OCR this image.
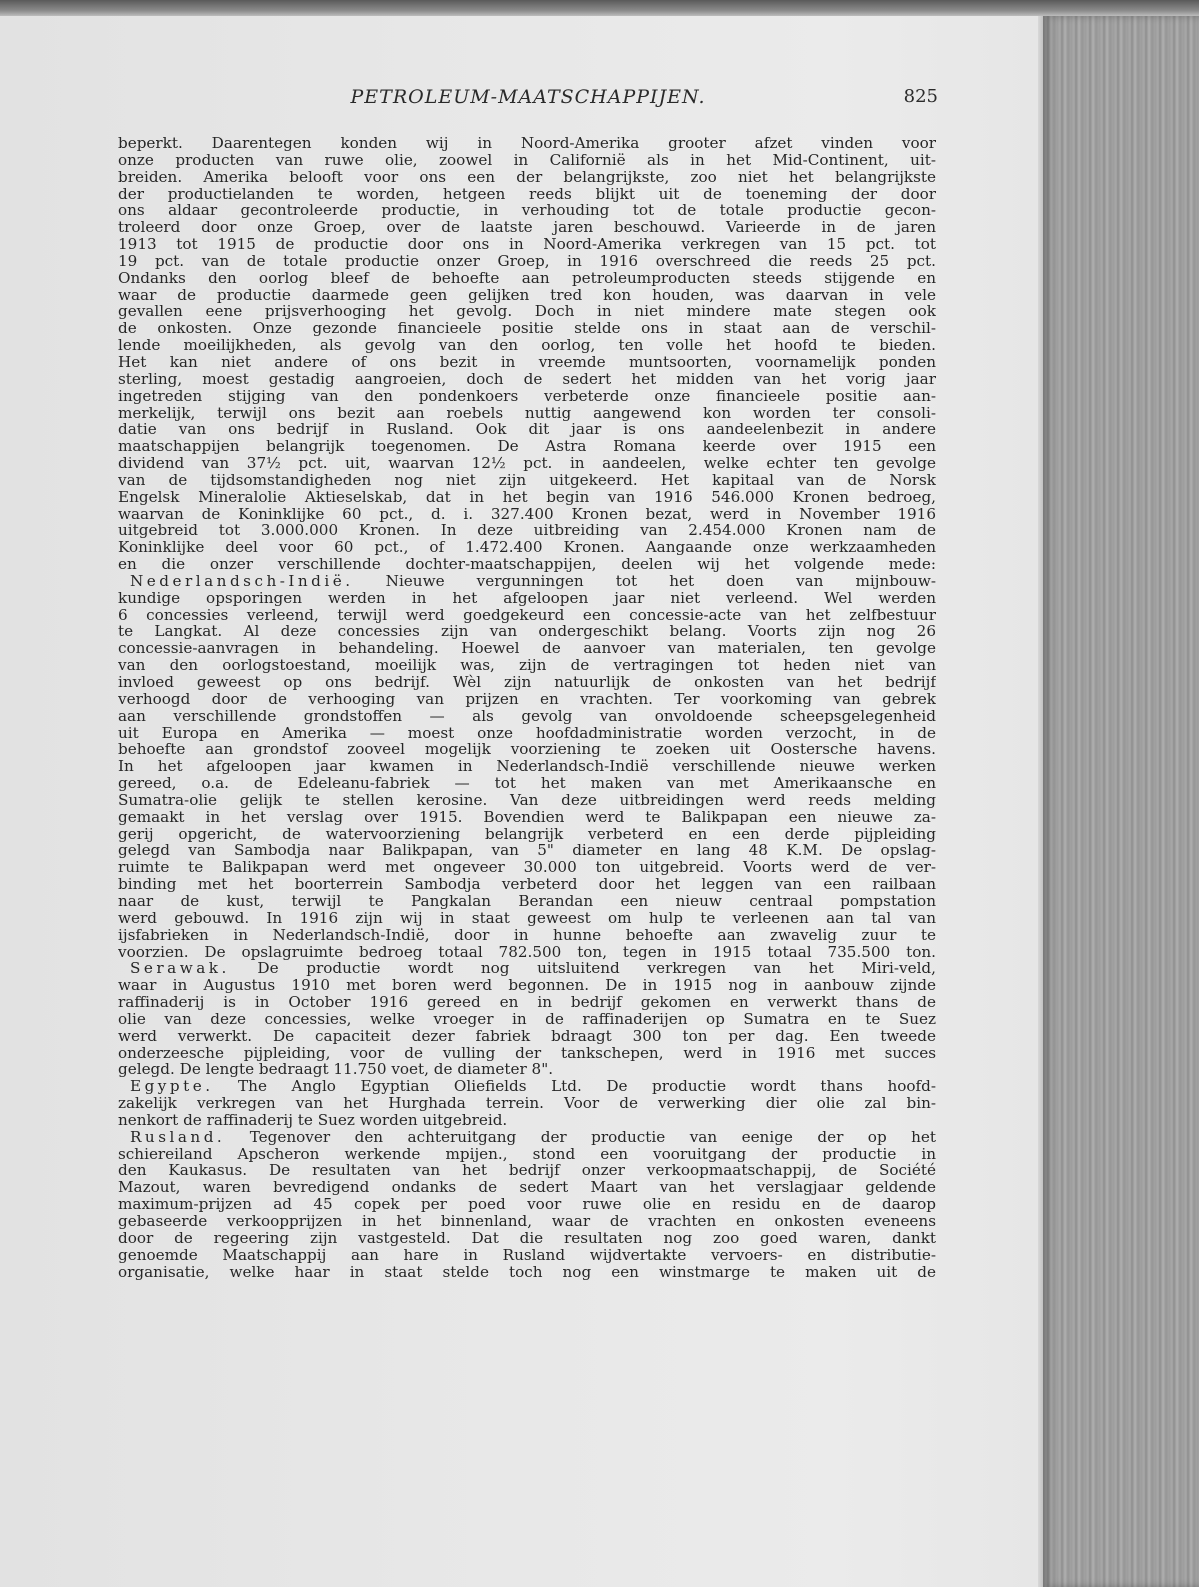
PETROLEUM-MAATSCHAPPIJEN.	825
beperkt. Daarentegen konden wij in Noord-Amerika grooter afzet vinden voor
onze producten van ruwe olie, zoowel in Californië als in het Mid-Continent, uit-
breiden. Amerika belooft voor ons een der belangrijkste, zoo niet het belangrijkste
der productielanden te worden, hetgeen reeds blijkt uit de toeneming der door
ons aldaar gecontroleerde productie, in verhouding tot de totale productie gecon-
troleerd door onze Groep, over de laatste jaren beschouwd. Varieerde in de jaren
1913 tot 1915 de productie door ons in Noord-Amerika verkregen van 15 pct. tot
19 pct. van de totale productie onzer Groep, in 1916 overschreed die reeds 25 pct.
Ondanks den oorlog bleef de behoefte aan petroleumproducten steeds stijgende en
waar de productie daarmede geen gelijken tred kon houden, was daarvan in vele
gevallen eene prijsverhooging het gevolg. Doch in niet mindere mate stegen ook
de onkosten. Onze gezonde financieele positie stelde ons in staat aan de verschil-
lende moeilijkheden, als gevolg van den oorlog, ten volle het hoofd te bieden.
Het kan niet andere of ons bezit in vreemde muntsoorten, voornamelijk ponden
sterling, moest gestadig aangroeien, doch de sedert het midden van het vorig jaar
ingetreden stijging van den pondenkoers verbeterde onze financieele positie aan-
merkelijk, terwijl ons bezit aan roebels nuttig aangewend kon worden ter consoli-
datie van ons bedrijf in Rusland. Ook dit jaar is ons aandeelenbezit in andere
maatschappijen belangrijk toegenomen. De Astra Romana keerde over 1915 een
dividend van 37½ pct. uit, waarvan 12½ pct. in aandeelen, welke echter ten gevolge
van de tijdsomstandigheden nog niet zijn uitgekeerd. Het kapitaal van de Norsk
Engelsk Mineralolie Aktieselskab, dat in het begin van 1916 546.000 Kronen bedroeg,
waarvan de Koninklijke 60 pct., d. i. 327.400 Kronen bezat, werd in November 1916
uitgebreid tot 3.000.000 Kronen. In deze uitbreiding van 2.454.000 Kronen nam de
Koninklijke deel voor 60 pct., of 1.472.400 Kronen. Aangaande onze werkzaamheden
en die onzer verschillende dochter-maatschappijen, deelen wij het volgende mede:
Nederlandsch-Indië. Nieuwe vergunningen tot het doen van mijnbouw-
kundige opsporingen werden in het afgeloopen jaar niet verleend. Wel werden
6 concessies verleend, terwijl werd goedgekeurd een concessie-acte van het zelfbestuur
te Langkat. Al deze concessies zijn van ondergeschikt belang. Voorts zijn nog 26
concessie-aanvragen in behandeling. Hoewel de aanvoer van materialen, ten gevolge
van den oorlogstoestand, moeilijk was, zijn de vertragingen tot heden niet van
invloed geweest op ons bedrijf. Wèl zijn natuurlijk de onkosten van het bedrijf
verhoogd door de verhooging van prijzen en vrachten. Ter voorkoming van gebrek
aan verschillende grondstoffen — als gevolg van onvoldoende scheepsgelegenheid
uit Europa en Amerika — moest onze hoofdadministratie worden verzocht, in de
behoefte aan grondstof zooveel mogelijk voorziening te zoeken uit Oostersche havens.
In het afgeloopen jaar kwamen in Nederlandsch-Indië verschillende nieuwe werken
gereed, o.a. de Edeleanu-fabriek — tot het maken van met Amerikaansche en
Sumatra-olie gelijk te stellen kerosine. Van deze uitbreidingen werd reeds melding
gemaakt in het verslag over 1915. Bovendien werd te Balikpapan een nieuwe za-
gerij opgericht, de watervoorziening belangrijk verbeterd en een derde pijpleiding
gelegd van Sambodja naar Balikpapan, van 5" diameter en lang 48 K.M. De opslag-
ruimte te Balikpapan werd met ongeveer 30.000 ton uitgebreid. Voorts werd de ver-
binding met het boorterrein Sambodja verbeterd door het leggen van een railbaan
naar de kust, terwijl te Pangkalan Berandan een nieuw centraal pompstation
werd gebouwd. In 1916 zijn wij in staat geweest om hulp te verleenen aan tal van
ijsfabrieken in Nederlandsch-Indië, door in hunne behoefte aan zwavelig zuur te
voorzien. De opslagruimte bedroeg totaal 782.500 ton, tegen in 1915 totaal 735.500 ton.
Serawak. De productie wordt nog uitsluitend verkregen van het Miri-veld,
waar in Augustus 1910 met boren werd begonnen. De in 1915 nog in aanbouw zijnde
raffinaderij is in October 1916 gereed en in bedrijf gekomen en verwerkt thans de
olie van deze concessies, welke vroeger in de raffinaderijen op Sumatra en te Suez
werd verwerkt. De capaciteit dezer fabriek bdraagt 300 ton per dag. Een tweede
onderzeesche pijpleiding, voor de vulling der tankschepen, werd in 1916 met succes
gelegd. De lengte bedraagt 11.750 voet, de diameter 8".
Egypte. The Anglo Egyptian Oliefields Ltd. De productie wordt thans hoofd-
zakelijk verkregen van het Hurghada terrein. Voor de verwerking dier olie zal bin-
nenkort de raffinaderij te Suez worden uitgebreid.
Rusland. Tegenover den achteruitgang der productie van eenige der op het
schiereiland Apscheron werkende mpijen., stond een vooruitgang der productie in
den Kaukasus. De resultaten van het bedrijf onzer verkoopmaatschappij, de Société
Mazout, waren bevredigend ondanks de sedert Maart van het verslagjaar geldende
maximum-prijzen ad 45 copek per poed voor ruwe olie en residu en de daarop
gebaseerde verkoopprijzen in het binnenland, waar de vrachten en onkosten eveneens
door de regeering zijn vastgesteld. Dat die resultaten nog zoo goed waren, dankt
genoemde Maatschappij aan hare in Rusland wijdvertakte vervoers- en distributie-
organisatie, welke haar in staat stelde toch nog een winstmarge te maken uit de
